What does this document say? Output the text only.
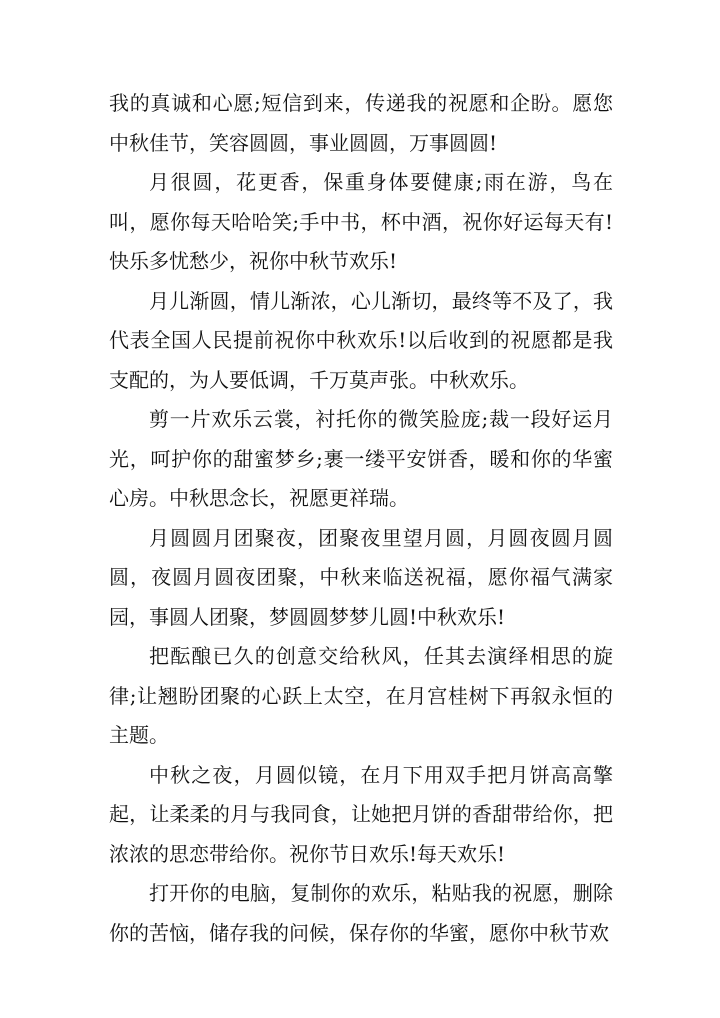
我的真诚和心愿;短信到来，传递我的祝愿和企盼。愿您中秋佳节，笑容圆圆，事业圆圆，万事圆圆!

月很圆，花更香，保重身体要健康;雨在游，鸟在叫，愿你每天哈哈笑;手中书，杯中酒，祝你好运每天有!快乐多忧愁少，祝你中秋节欢乐!

月儿渐圆，情儿渐浓，心儿渐切，最终等不及了，我代表全国人民提前祝你中秋欢乐!以后收到的祝愿都是我支配的，为人要低调，千万莫声张。中秋欢乐。

剪一片欢乐云裳，衬托你的微笑脸庞;裁一段好运月光，呵护你的甜蜜梦乡;裹一缕平安饼香，暖和你的华蜜心房。中秋思念长，祝愿更祥瑞。

月圆圆月团聚夜，团聚夜里望月圆，月圆夜圆月圆圆，夜圆月圆夜团聚，中秋来临送祝福，愿你福气满家园，事圆人团聚，梦圆圆梦梦儿圆!中秋欢乐!

把酝酿已久的创意交给秋风，任其去演绎相思的旋律;让翘盼团聚的心跃上太空，在月宫桂树下再叙永恒的主题。

中秋之夜，月圆似镜，在月下用双手把月饼高高擎起，让柔柔的月与我同食，让她把月饼的香甜带给你，把浓浓的思恋带给你。祝你节日欢乐!每天欢乐!

打开你的电脑，复制你的欢乐，粘贴我的祝愿，删除你的苦恼，储存我的问候，保存你的华蜜，愿你中秋节欢
